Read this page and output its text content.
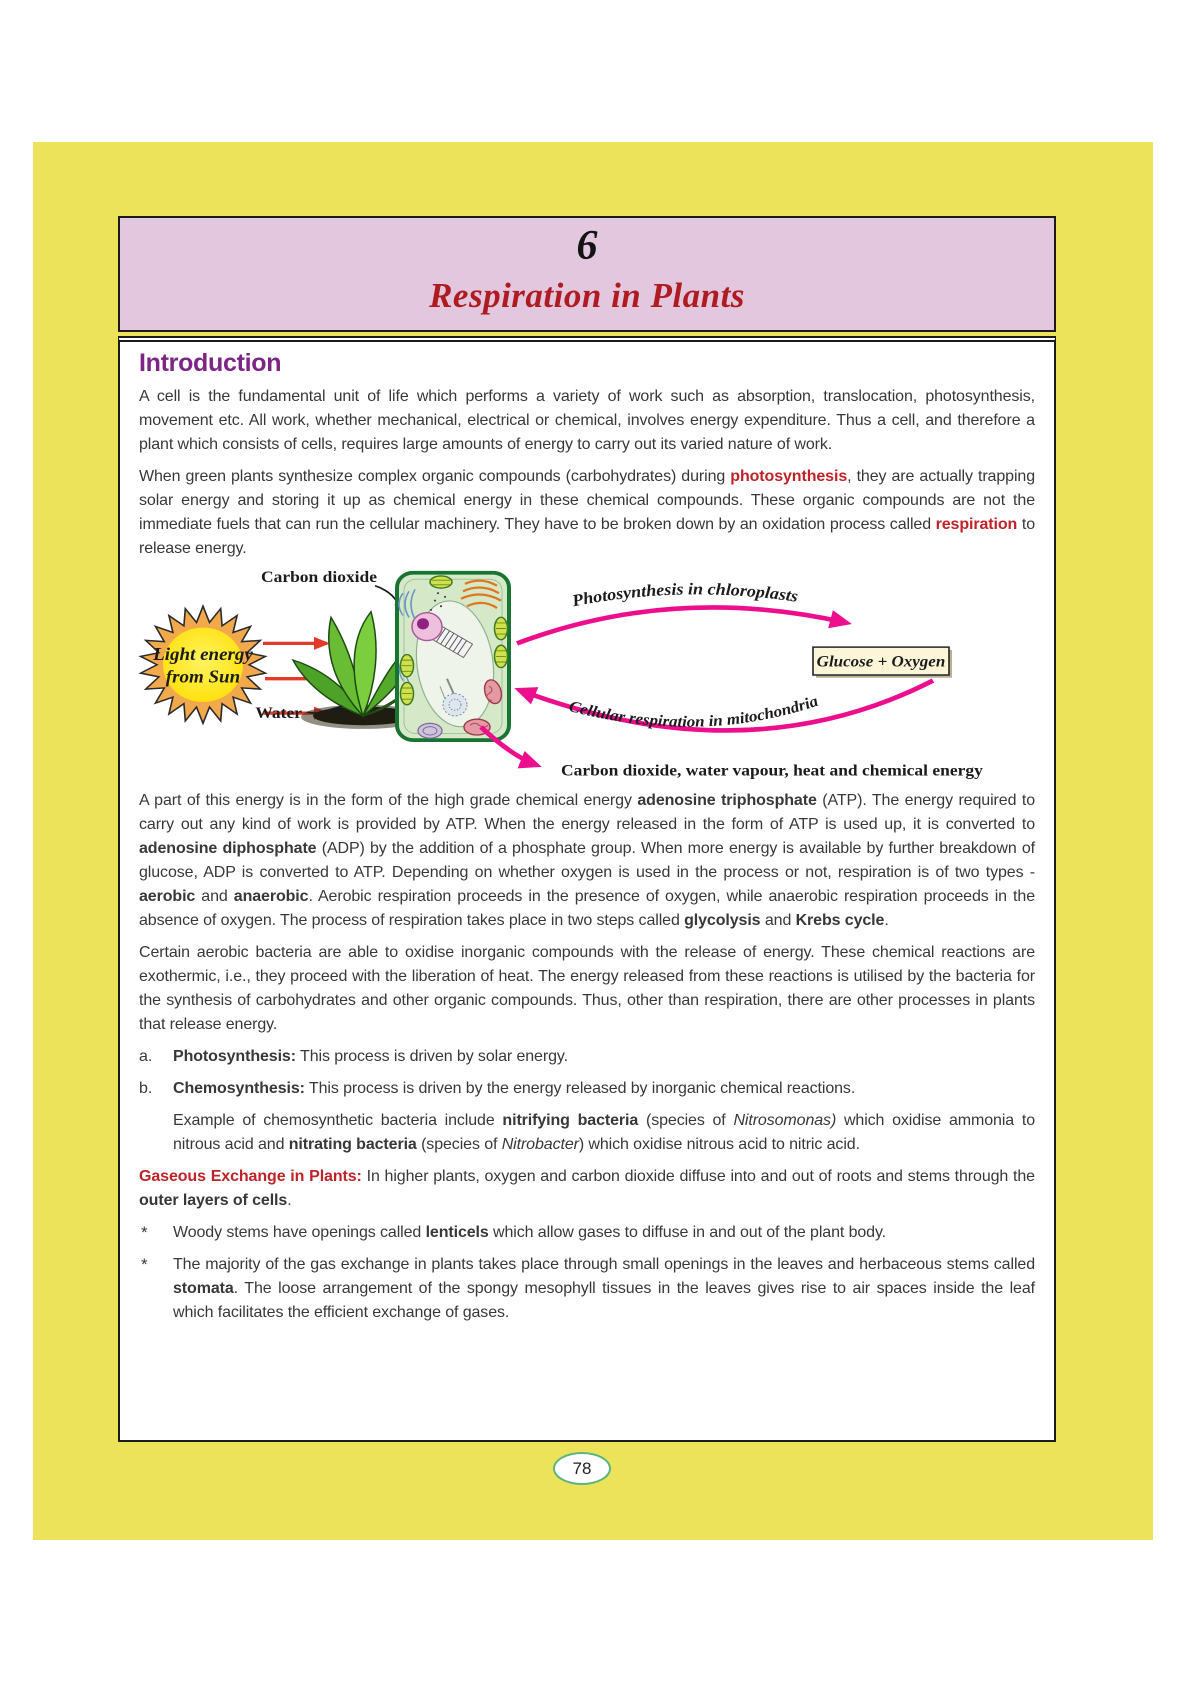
6
Respiration in Plants
Introduction

A cell is the fundamental unit of life which performs a variety of work such as absorption, translocation, photosynthesis, movement etc. All work, whether mechanical, electrical or chemical, involves energy expenditure. Thus a cell, and therefore a plant which consists of cells, requires large amounts of energy to carry out its varied nature of work.

When green plants synthesize complex organic compounds (carbohydrates) during photosynthesis, they are actually trapping solar energy and storing it up as chemical energy in these chemical compounds. These organic compounds are not the immediate fuels that can run the cellular machinery. They have to be broken down by an oxidation process called respiration to release energy.

Light energy
from Sun
Carbon dioxide
Water
Photosynthesis in chloroplasts
Glucose + Oxygen
Cellular respiration in mitochondria
Carbon dioxide, water vapour, heat and chemical energy

A part of this energy is in the form of the high grade chemical energy adenosine triphosphate (ATP). The energy required to carry out any kind of work is provided by ATP. When the energy released in the form of ATP is used up, it is converted to adenosine diphosphate (ADP) by the addition of a phosphate group. When more energy is available by further breakdown of glucose, ADP is converted to ATP. Depending on whether oxygen is used in the process or not, respiration is of two types - aerobic and anaerobic. Aerobic respiration proceeds in the presence of oxygen, while anaerobic respiration proceeds in the absence of oxygen. The process of respiration takes place in two steps called glycolysis and Krebs cycle.

Certain aerobic bacteria are able to oxidise inorganic compounds with the release of energy. These chemical reactions are exothermic, i.e., they proceed with the liberation of heat. The energy released from these reactions is utilised by the bacteria for the synthesis of carbohydrates and other organic compounds. Thus, other than respiration, there are other processes in plants that release energy.

a.	Photosynthesis: This process is driven by solar energy.
b.	Chemosynthesis: This process is driven by the energy released by inorganic chemical reactions.

Example of chemosynthetic bacteria include nitrifying bacteria (species of Nitrosomonas) which oxidise ammonia to nitrous acid and nitrating bacteria (species of Nitrobacter) which oxidise nitrous acid to nitric acid.

Gaseous Exchange in Plants: In higher plants, oxygen and carbon dioxide diffuse into and out of roots and stems through the outer layers of cells.

*	Woody stems have openings called lenticels which allow gases to diffuse in and out of the plant body.
*	The majority of the gas exchange in plants takes place through small openings in the leaves and herbaceous stems called stomata. The loose arrangement of the spongy mesophyll tissues in the leaves gives rise to air spaces inside the leaf which facilitates the efficient exchange of gases.
78
